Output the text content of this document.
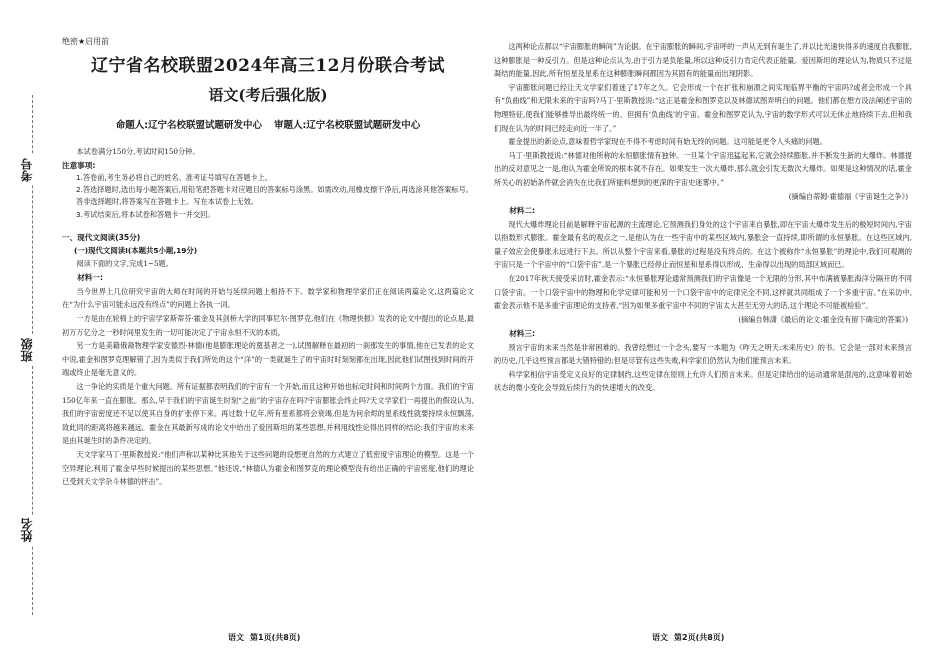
考号
班级
姓名
绝密★启用前
辽宁省名校联盟2024年高三12月份联合考试
语文(考后强化版)
命题人:辽宁名校联盟试题研发中心 审题人:辽宁名校联盟试题研发中心
本试卷满分150分,考试时间150分钟。
注意事项:
1.答卷前,考生务必将自己的姓名、准考证号填写在答题卡上。
2.答选择题时,选出每小题答案后,用铅笔把答题卡对应题目的答案标号涂黑。如需改动,用橡皮擦干净后,再选涂其他答案标号。答非选择题时,将答案写在答题卡上。写在本试卷上无效。
3.考试结束后,将本试卷和答题卡一并交回。
一、现代文阅读(35分)
(一)现代文阅读Ⅰ(本题共5小题,19分)
阅读下面的文字,完成1~5题。
材料一:
当今世界上几位研究宇宙的大师在时间的开始与延续问题上相持不下。数学家和物理学家们正在阅读两篇论文,这两篇论文在“为什么宇宙可能永远没有终点”的问题上各执一词。
一方是由在轮椅上的宇宙学家斯蒂芬·霍金及其剑桥大学的同事尼尔·图罗克,他们在《物理快报》发表的论文中提出的论点是,最初万万亿分之一秒时间里发生的一切可能决定了宇宙永恒不灭的本质。
另一方是美籍俄裔物理学家安德烈·林德(他是膨胀理论的奠基者之一),试图解释在最初的一刹那发生的事情,他在已发表的论文中说,霍金和图罗克理解错了,因为类似于我们所处的这个“洋”的一类就诞生了的宇宙时时刻刻都在出现,因此他们试图找到时间的开端或终止是毫无意义的。
这一争论的实质是个重大问题。所有证据都表明我们的宇宙有一个开始,而且这种开始也标定时间和时间两个方面。我们的宇宙150亿年来一直在膨胀。那么,早于我们的宇宙诞生时刻“之前”的宇宙存在吗?宇宙膨胀会终止吗?天文学家们一再提出的假设认为,我们的宇宙密度还不足以使其自身的扩张停下来。再过数十亿年,所有星系都将会衰竭,但是为何余烬的星系线性就要持续永恒飘荡,致此同的距离将越来越远。霍金在其最新写成的论文中给出了爱因斯坦的某些思想,并利用线性论得出同样的结论:我们宇宙的未来是由其诞生时的条件决定的。
天文学家马丁·里斯教授说:“他们声称以某种比其他关于这些问题的设想更自然的方式建立了低密度宇宙理论的模型。这是一个空异理论,利用了霍金早些时候提出的某些思想。”他还说,“林德认为霍金和图罗克的理论模型没有给出正确的宇宙密度,他们的理论已受到天文学杂斗林德的抨击”。
这两种论点都以“宇宙膨胀的瞬间”为论据。在宇宙膨胀的瞬间,宇宙呼的一声从无到有诞生了,并以比光速快得多的速度自我膨胀,这种膨胀是一种反引力。但是这种论点认为,由于引力是负能量,所以这种反引力肯定代表正能量。爱因斯坦的理论认为,物质只不过是凝结的能量,因此,所有恒星及星系在这种膨胀瞬间都因为其固有的能量而出现阴影。
宇宙膨胀问题已经让天文学家们着迷了17年之久。它会形成一个在扩张和崩溃之间实现临界平衡的宇宙吗?或者会形成一个具有“负曲线”和无限未来的宇宙吗?马丁·里斯教授说:“这正是霍金和图罗克以及林德试图弄明白的问题。他们都在想方设法阐述宇宙的物理特征,使我们能够推导出最终统一的、但拥有‘负曲线’的宇宙。霍金和图罗克认为,宇宙的数学形式可以无休止地持续下去,但和我们现在认为的时间已经走向近一半了。”
霍金提出的新论点,意味着哲学家现在不得不考虑时间有始无终的问题。这可能是更令人头痛的问题。
马丁·里斯教授说:“林德对他所称的永恒膨胀情有独钟。一旦某个宇宙迅猛起来,它就会持续膨胀,并不断发生新的大爆炸。林德提出的反对意见之一是,他认为霍金所说的根本就不存在。如果发生一次大爆炸,那么就会引发无数次大爆炸。如果是这种情况的话,霍金所关心的初始条件就会消失在比我们所能料想到的更深的宇宙史迷雾中。”
(摘编自蒂姆·霍德福《宇宙诞生之争》)
材料二:
现代大爆炸理论目前是解释宇宙起源的主流理论,它预测我们身处的这个宇宙来自暴胀,即在宇宙大爆炸发生后的极短时间内,宇宙以指数形式膨胀。霍金最有名的观点之一,是他认为在一些宇宙中的某些区域内,暴胀会一直持续,即所谓的永恒暴胀。在这些区域内,量子效应会使暴胀永远进行下去。所以从整个宇宙来看,暴胀的过程是没有终点的。在这个被称作“永恒暴胀”的理论中,我们可观测的宇宙只是一个宇宙中的“口袋宇宙”,是一个暴胀已经停止而恒星和星系得以形成、生命得以出现的局部区域而已。
在2017年秋天接受采访时,霍金表示:“永恒暴胀理论通常预测我们的宇宙像是一个无限的分形,其中布满被暴胀海洋分隔开的不同口袋宇宙。一个口袋宇宙中的物理和化学定律可能和另一个口袋宇宙中的定律完全不同,这样就共同组成了一个多重宇宙。”在采访中,霍金表示他不是多重宇宙理论的支持者,“因为如果多重宇宙中不同的宇宙太大甚至无穷大的话,这个理论不可能被检验”。
(摘编自韩潇《最后的论文:霍金没有留下确定的答案》)
材料三:
预言宇宙的未来当然是非常困难的。我曾经想过一个念头,要写一本题为《昨天之明天:未来历史》的书。它会是一部对未来预言的历史,几乎这些预言都是大错特错的;但是尽管有这些失败,科学家们仍然认为他们能预言未来。
科学家相信宇宙受定义良好的定律制约,这些定律在原则上允许人们预言未来。但是定律给出的运动通常是混沌的,这意味着初始状态的微小变化会导致后续行为的快速增大的改变。
语文 第1页(共8页)	语文 第2页(共8页)
